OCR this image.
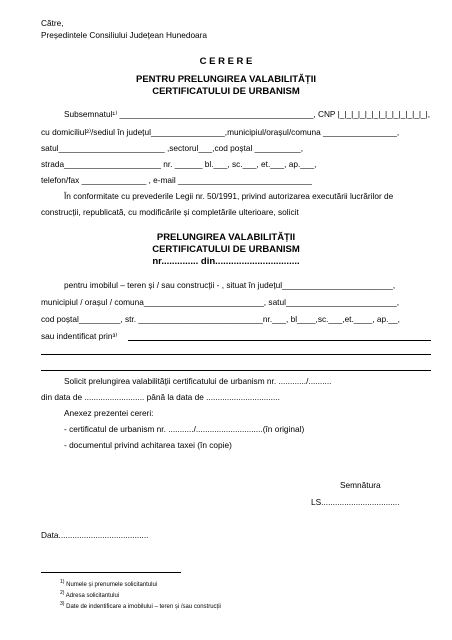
Către,
Președintele Consiliului Județean Hunedoara
C E R E R E
PENTRU PRELUNGIREA VALABILITĂȚII
CERTIFICATULUI DE URBANISM
Subsemnatul¹⁾ __________________________________________, CNP |_|_|_|_|_|_|_|_|_|_|_|_|_|,
cu domiciliul²⁾/sediul în județul________________,municipiul/orașul/comuna ________________,
satul_______________________ ,sectorul___,cod poștal __________,
strada_____________________ nr. ______ bl.___, sc.___, et.___, ap.___,
telefon/fax ______________ , e-mail _____________________________
În conformitate cu prevederile Legii nr. 50/1991, privind autorizarea executării lucrărilor de
construcții, republicată, cu modificările și completările ulterioare, solicit
PRELUNGIREA VALABILITĂȚII
CERTIFICATULUI DE URBANISM
nr.............. din................................
pentru imobilul – teren și / sau construcții - , situat în județul________________________,
municipiul / orașul / comuna__________________________, satul________________________,
cod poștal_________, str. ___________________________nr.___, bl____,sc.___,et.____, ap.__,
sau indentificat prin³⁾
Solicit prelungirea valabilității certificatului de urbanism nr. ............/..........
din data de .......................... până la data de ................................
Anexez prezentei cereri:
- certificatul de urbanism nr. .........../.............................(în original)
- documentul privind achitarea taxei (în copie)
Semnătura
LS..................................
Data.......................................
$^{1)}$ Numele și prenumele solicitantului
$^{2)}$ Adresa solicitantului
$^{3)}$ Date de indentificare a imobilului – teren și /sau construcții
